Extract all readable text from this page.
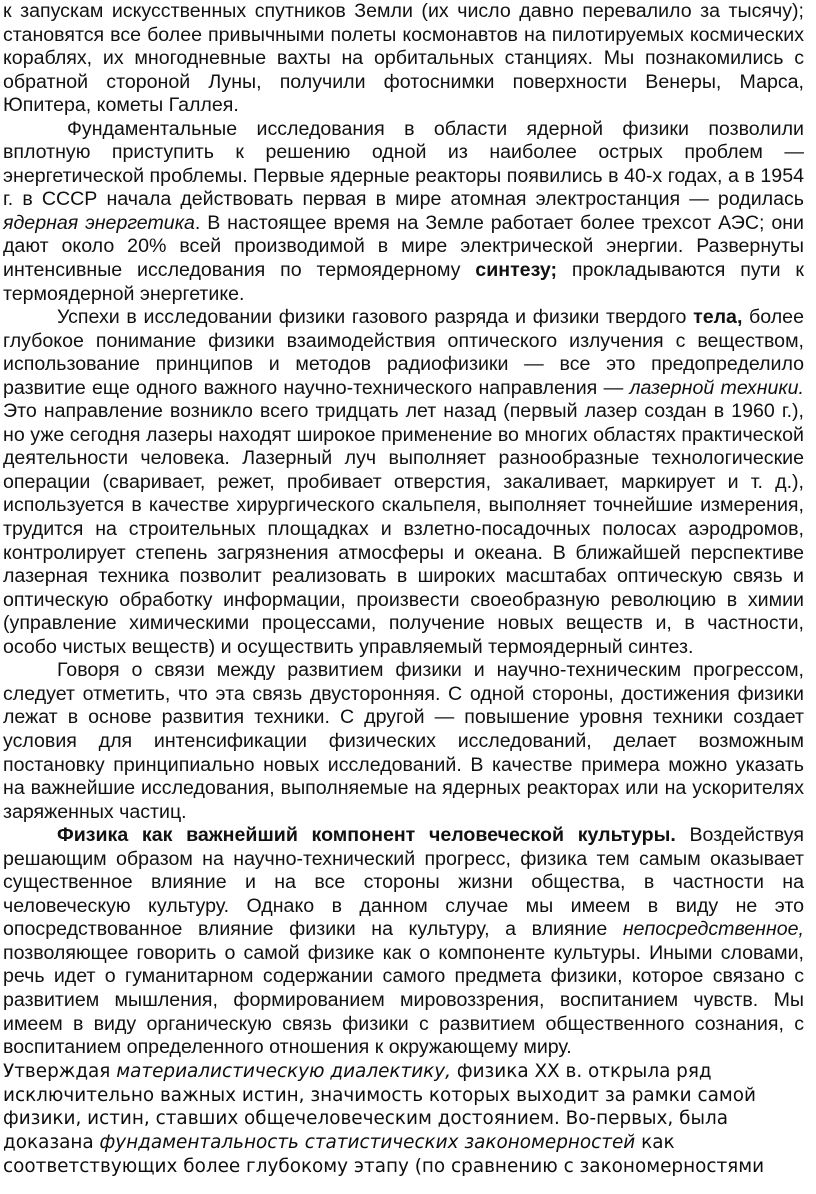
к запускам искусственных спутников Земли (их число давно перевалило за тысячу); становятся все более привычными полеты космонавтов на пилотируемых космических кораблях, их многодневные вахты на орбитальных станциях. Мы познакомились с обратной стороной Луны, получили фотоснимки поверхности Венеры, Марса, Юпитера, кометы Галлея.

Фундаментальные исследования в области ядерной физики позволили вплотную приступить к решению одной из наиболее острых проблем — энергетической проблемы. Первые ядерные реакторы появились в 40-х годах, а в 1954 г. в СССР начала действовать первая в мире атомная электростанция — родилась ядерная энергетика. В настоящее время на Земле работает более трехсот АЭС; они дают около 20% всей производимой в мире электрической энергии. Развернуты интенсивные исследования по термоядерному синтезу; прокладываются пути к термоядерной энергетике.

Успехи в исследовании физики газового разряда и физики твердого тела, более глубокое понимание физики взаимодействия оптического излучения с веществом, использование принципов и методов радиофизики — все это предопределило развитие еще одного важного научно-технического направления — лазерной техники. Это направление возникло всего тридцать лет назад (первый лазер создан в 1960 г.), но уже сегодня лазеры находят широкое применение во многих областях практической деятельности человека. Лазерный луч выполняет разнообразные технологические операции (сваривает, режет, пробивает отверстия, закаливает, маркирует и т. д.), используется в качестве хирургического скальпеля, выполняет точнейшие измерения, трудится на строительных площадках и взлетно-посадочных полосах аэродромов, контролирует степень загрязнения атмосферы и океана. В ближайшей перспективе лазерная техника позволит реализовать в широких масштабах оптическую связь и оптическую обработку информации, произвести своеобразную революцию в химии (управление химическими процессами, получение новых веществ и, в частности, особо чистых веществ) и осуществить управляемый термоядерный синтез.

Говоря о связи между развитием физики и научно-техническим прогрессом, следует отметить, что эта связь двусторонняя. С одной стороны, достижения физики лежат в основе развития техники. С другой — повышение уровня техники создает условия для интенсификации физических исследований, делает возможным постановку принципиально новых исследований. В качестве примера можно указать на важнейшие исследования, выполняемые на ядерных реакторах или на ускорителях заряженных частиц.

Физика как важнейший компонент человеческой культуры. Воздействуя решающим образом на научно-технический прогресс, физика тем самым оказывает существенное влияние и на все стороны жизни общества, в частности на человеческую культуру. Однако в данном случае мы имеем в виду не это опосредствованное влияние физики на культуру, а влияние непосредственное, позволяющее говорить о самой физике как о компоненте культуры. Иными словами, речь идет о гуманитарном содержании самого предмета физики, которое связано с развитием мышления, формированием мировоззрения, воспитанием чувств. Мы имеем в виду органическую связь физики с развитием общественного сознания, с воспитанием определенного отношения к окружающему миру.

Утверждая материалистическую диалектику, физика XX в. открыла ряд исключительно важных истин, значимость которых выходит за рамки самой физики, истин, ставших общечеловеческим достоянием. Во-первых, была доказана фундаментальность статистических закономерностей как соответствующих более глубокому этапу (по сравнению с закономерностями
